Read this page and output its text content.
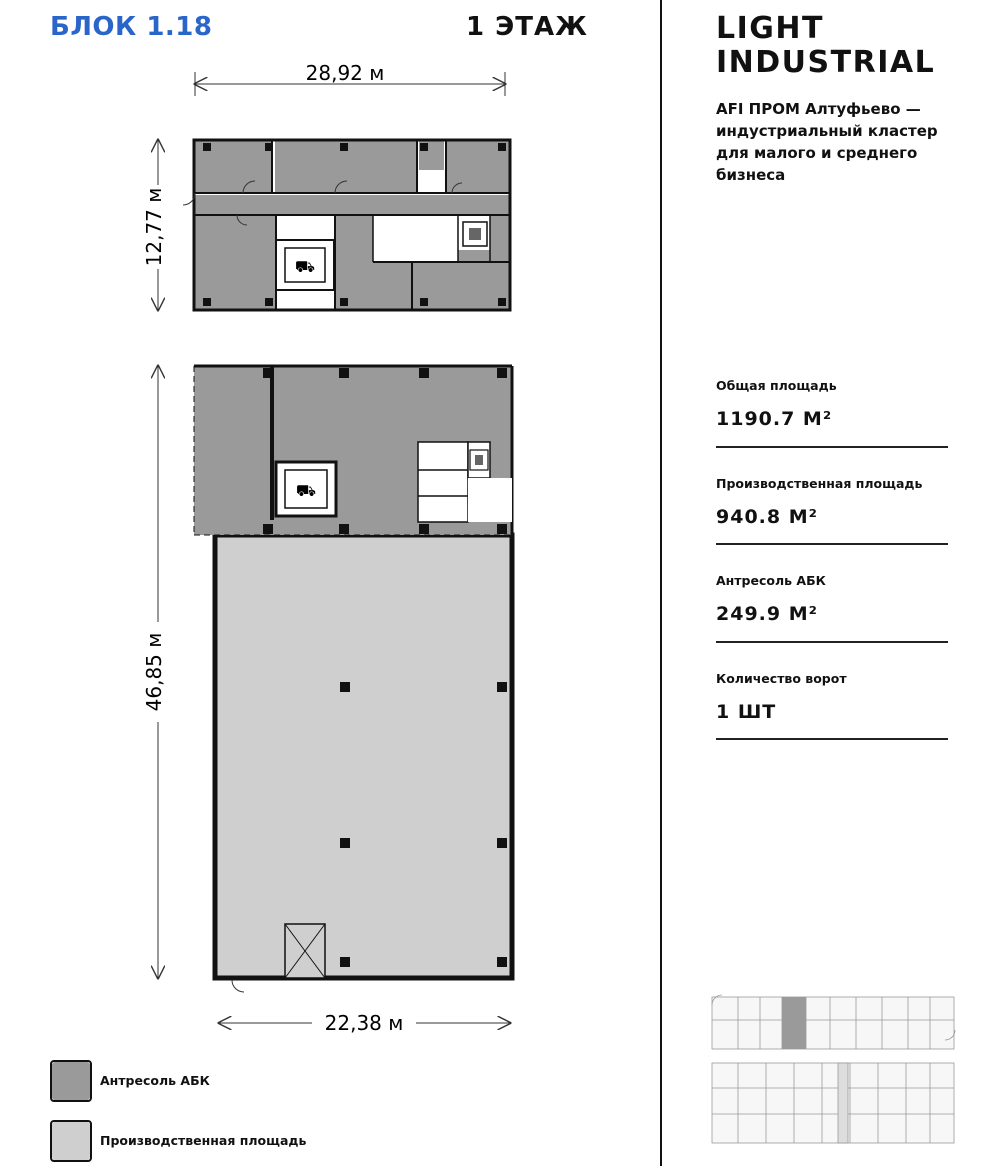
БЛОК 1.18	1 ЭТАЖ	LIGHT
INDUSTRIAL
AFI ПРОМ Алтуфьево — индустриальный кластер для малого и среднего бизнеса
Общая площадь
1190.7 М²
Производственная площадь
940.8 М²
Антресоль АБК
249.9 М²
Количество ворот
1 ШТ
Антресоль АБК
Производственная площадь
28,92 м
12,77 м
⛟
46,85 м
⛟
22,38 м
